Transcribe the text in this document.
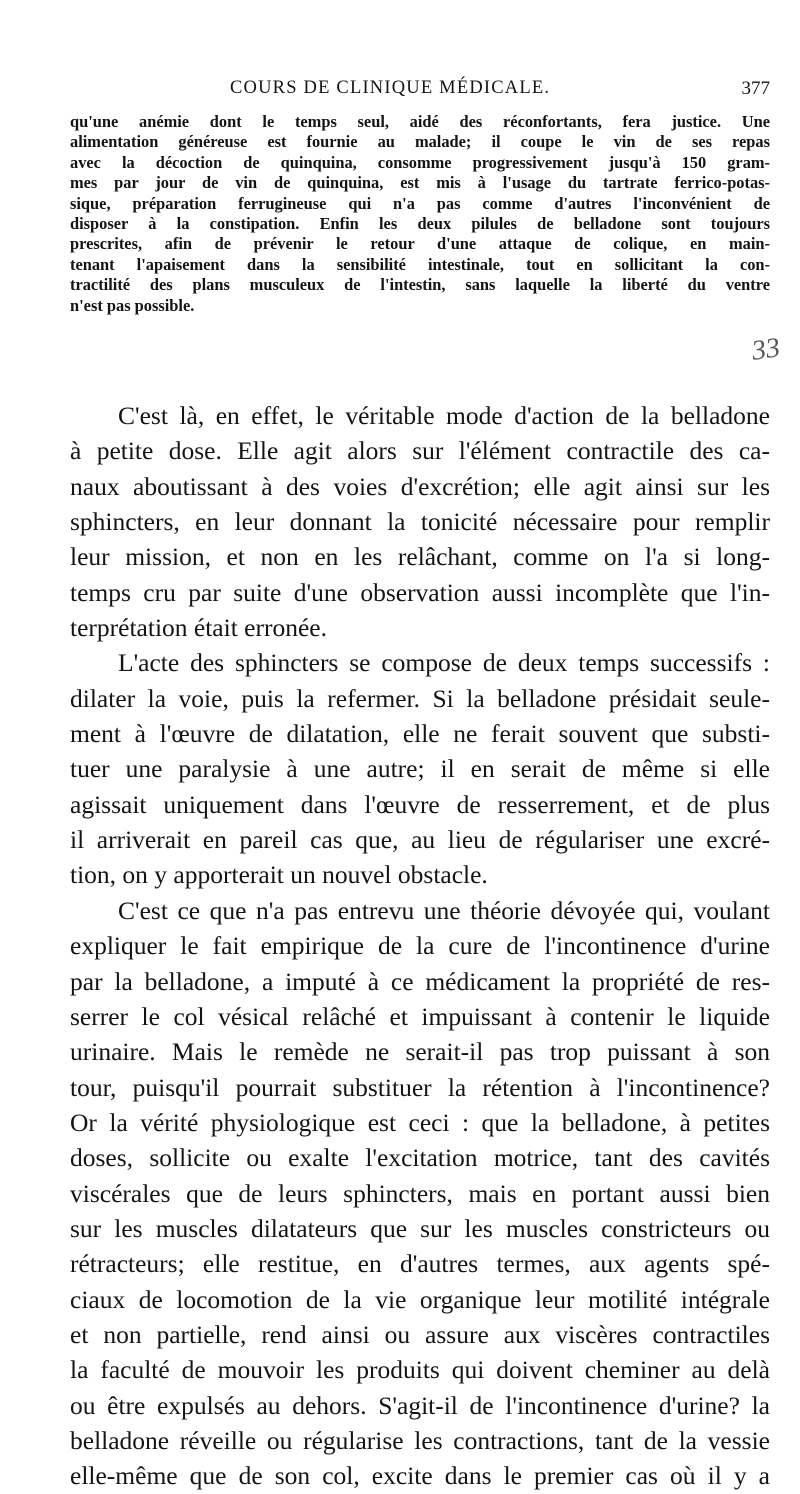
COURS DE CLINIQUE MÉDICALE.	377
qu'une anémie dont le temps seul, aidé des réconfortants, fera justice. Une
alimentation généreuse est fournie au malade; il coupe le vin de ses repas
avec la décoction de quinquina, consomme progressivement jusqu'à 150 gram-
mes par jour de vin de quinquina, est mis à l'usage du tartrate ferrico-potas-
sique, préparation ferrugineuse qui n'a pas comme d'autres l'inconvénient de
disposer à la constipation. Enfin les deux pilules de belladone sont toujours
prescrites, afin de prévenir le retour d'une attaque de colique, en main-
tenant l'apaisement dans la sensibilité intestinale, tout en sollicitant la con-
tractilité des plans musculeux de l'intestin, sans laquelle la liberté du ventre
n'est pas possible.
33
C'est là, en effet, le véritable mode d'action de la belladone
à petite dose. Elle agit alors sur l'élément contractile des ca-
naux aboutissant à des voies d'excrétion; elle agit ainsi sur les
sphincters, en leur donnant la tonicité nécessaire pour remplir
leur mission, et non en les relâchant, comme on l'a si long-
temps cru par suite d'une observation aussi incomplète que l'in-
terprétation était erronée.
L'acte des sphincters se compose de deux temps successifs :
dilater la voie, puis la refermer. Si la belladone présidait seule-
ment à l'œuvre de dilatation, elle ne ferait souvent que substi-
tuer une paralysie à une autre; il en serait de même si elle
agissait uniquement dans l'œuvre de resserrement, et de plus
il arriverait en pareil cas que, au lieu de régulariser une excré-
tion, on y apporterait un nouvel obstacle.
C'est ce que n'a pas entrevu une théorie dévoyée qui, voulant
expliquer le fait empirique de la cure de l'incontinence d'urine
par la belladone, a imputé à ce médicament la propriété de res-
serrer le col vésical relâché et impuissant à contenir le liquide
urinaire. Mais le remède ne serait-il pas trop puissant à son
tour, puisqu'il pourrait substituer la rétention à l'incontinence?
Or la vérité physiologique est ceci : que la belladone, à petites
doses, sollicite ou exalte l'excitation motrice, tant des cavités
viscérales que de leurs sphincters, mais en portant aussi bien
sur les muscles dilatateurs que sur les muscles constricteurs ou
rétracteurs; elle restitue, en d'autres termes, aux agents spé-
ciaux de locomotion de la vie organique leur motilité intégrale
et non partielle, rend ainsi ou assure aux viscères contractiles
la faculté de mouvoir les produits qui doivent cheminer au delà
ou être expulsés au dehors. S'agit-il de l'incontinence d'urine? la
belladone réveille ou régularise les contractions, tant de la vessie
elle-même que de son col, excite dans le premier cas où il y a
